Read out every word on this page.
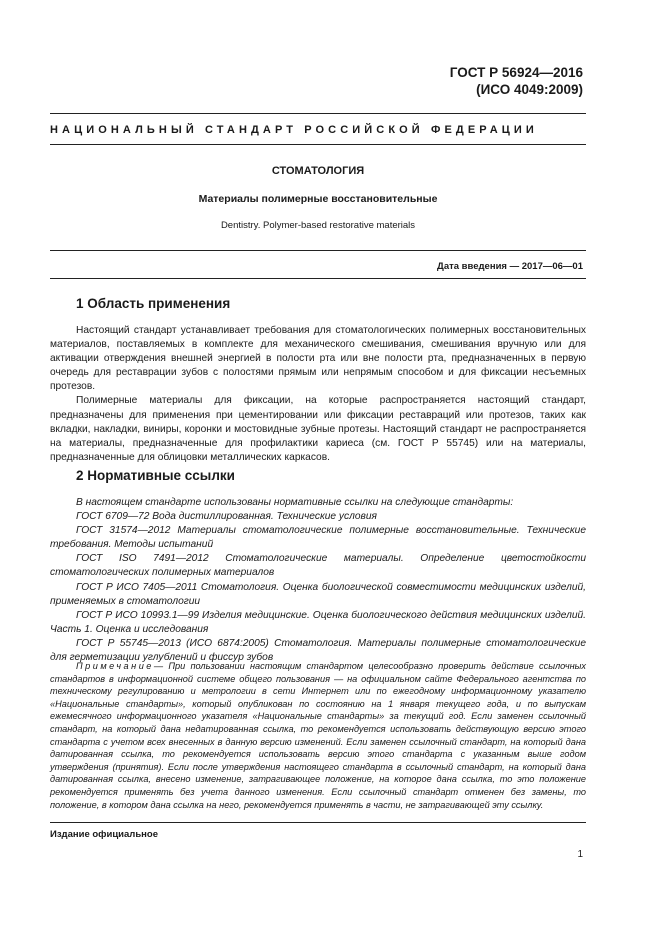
ГОСТ Р 56924—2016
(ИСО 4049:2009)
НАЦИОНАЛЬНЫЙ СТАНДАРТ РОССИЙСКОЙ ФЕДЕРАЦИИ
СТОМАТОЛОГИЯ
Материалы полимерные восстановительные
Dentistry. Polymer-based restorative materials
Дата введения — 2017—06—01
1 Область применения

Настоящий стандарт устанавливает требования для стоматологических полимерных восстановительных материалов, поставляемых в комплекте для механического смешивания, смешивания вручную или для активации отверждения внешней энергией в полости рта или вне полости рта, предназначенных в первую очередь для реставрации зубов с полостями прямым или непрямым способом и для фиксации несъемных протезов.

Полимерные материалы для фиксации, на которые распространяется настоящий стандарт, предназначены для применения при цементировании или фиксации реставраций или протезов, таких как вкладки, накладки, виниры, коронки и мостовидные зубные протезы. Настоящий стандарт не распространяется на материалы, предназначенные для профилактики кариеса (см. ГОСТ Р 55745) или на материалы, предназначенные для облицовки металлических каркасов.

2 Нормативные ссылки

В настоящем стандарте использованы нормативные ссылки на следующие стандарты:

ГОСТ 6709—72 Вода дистиллированная. Технические условия

ГОСТ 31574—2012 Материалы стоматологические полимерные восстановительные. Технические требования. Методы испытаний

ГОСТ ISO 7491—2012 Стоматологические материалы. Определение цветостойкости стоматологических полимерных материалов

ГОСТ Р ИСО 7405—2011 Стоматология. Оценка биологической совместимости медицинских изделий, применяемых в стоматологии

ГОСТ Р ИСО 10993.1—99 Изделия медицинские. Оценка биологического действия медицинских изделий. Часть 1. Оценка и исследования

ГОСТ Р 55745—2013 (ИСО 6874:2005) Стоматология. Материалы полимерные стоматологические для герметизации углублений и фиссур зубов

Примечание— При пользовании настоящим стандартом целесообразно проверить действие ссылочных стандартов в информационной системе общего пользования — на официальном сайте Федерального агентства по техническому регулированию и метрологии в сети Интернет или по ежегодному информационному указателю «Национальные стандарты», который опубликован по состоянию на 1 января текущего года, и по выпускам ежемесячного информационного указателя «Национальные стандарты» за текущий год. Если заменен ссылочный стандарт, на который дана недатированная ссылка, то рекомендуется использовать действующую версию этого стандарта с учетом всех внесенных в данную версию изменений. Если заменен ссылочный стандарт, на который дана датированная ссылка, то рекомендуется использовать версию этого стандарта с указанным выше годом утверждения (принятия). Если после утверждения настоящего стандарта в ссылочный стандарт, на который дана датированная ссылка, внесено изменение, затрагивающее положение, на которое дана ссылка, то это положение рекомендуется применять без учета данного изменения. Если ссылочный стандарт отменен без замены, то положение, в котором дана ссылка на него, рекомендуется применять в части, не затрагивающей эту ссылку.

Издание официальное
1
